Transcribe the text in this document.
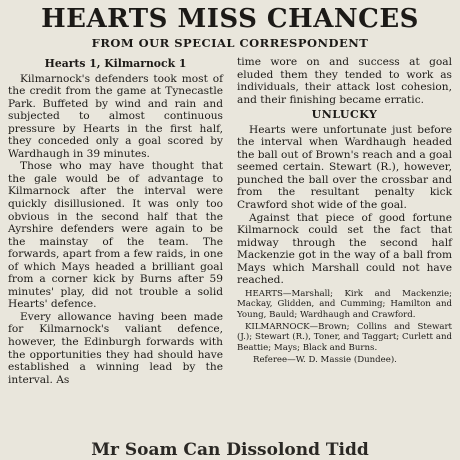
HEARTS MISS CHANCES
FROM OUR SPECIAL CORRESPONDENT
Hearts 1, Kilmarnock 1

Kilmarnock's defenders took most of the credit from the game at Tynecastle Park. Buffeted by wind and rain and subjected to almost continuous pressure by Hearts in the first half, they conceded only a goal scored by Wardhaugh in 39 minutes.

Those who may have thought that the gale would be of advantage to Kilmarnock after the interval were quickly disillusioned. It was only too obvious in the second half that the Ayrshire defenders were again to be the mainstay of the team. The forwards, apart from a few raids, in one of which Mays headed a brilliant goal from a corner kick by Burns after 59 minutes' play, did not trouble a solid Hearts' defence.

Every allowance having been made for Kilmarnock's valiant defence, however, the Edinburgh forwards with the opportunities they had should have established a winning lead by the interval. As

time wore on and success at goal eluded them they tended to work as individuals, their attack lost cohesion, and their finishing became erratic.

UNLUCKY

Hearts were unfortunate just before the interval when Wardhaugh headed the ball out of Brown's reach and a goal seemed certain. Stewart (R.), however, punched the ball over the crossbar and from the resultant penalty kick Crawford shot wide of the goal.

Against that piece of good fortune Kilmarnock could set the fact that midway through the second half Mackenzie got in the way of a ball from Mays which Marshall could not have reached.

HEARTS—Marshall; Kirk and Mackenzie; Mackay, Glidden, and Cumming; Hamilton and Young, Bauld; Wardhaugh and Crawford.

KILMARNOCK—Brown; Collins and Stewart (J.); Stewart (R.), Toner, and Taggart; Curlett and Beattie; Mays; Black and Burns.

Referee—W. D. Massie (Dundee).
Mr Soam Can Dissolond Tidd
